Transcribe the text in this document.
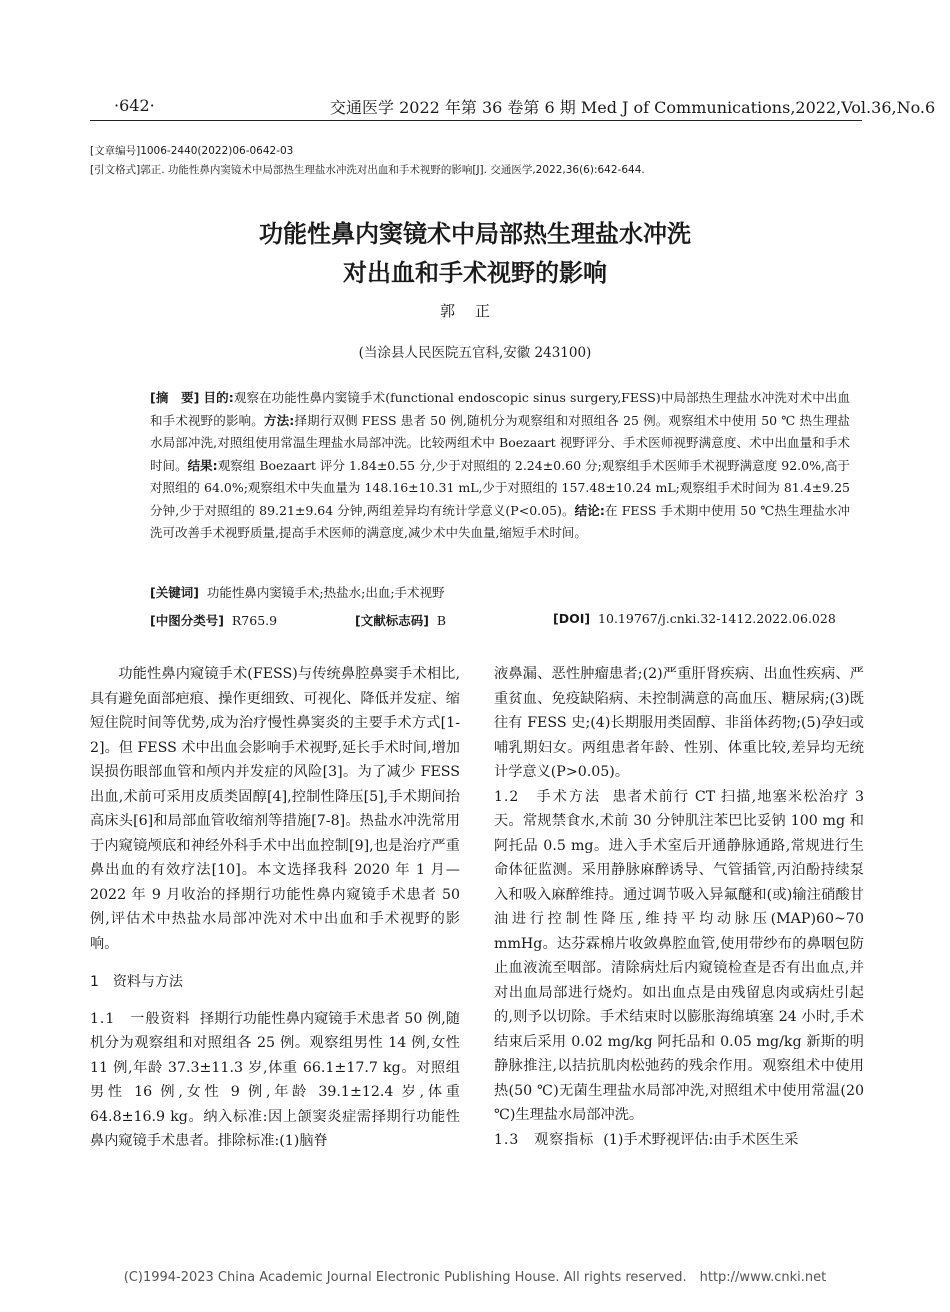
·642·	交通医学 2022 年第 36 卷第 6 期 Med J of Communications,2022,Vol.36,No.6
[文章编号]1006-2440(2022)06-0642-03
[引文格式]郭正. 功能性鼻内窦镜术中局部热生理盐水冲洗对出血和手术视野的影响[J]. 交通医学,2022,36(6):642-644.
功能性鼻内窦镜术中局部热生理盐水冲洗
对出血和手术视野的影响
郭正
(当涂县人民医院五官科,安徽 243100)
[摘　要] 目的:观察在功能性鼻内窦镜手术(functional endoscopic sinus surgery,FESS)中局部热生理盐水冲洗对术中出血和手术视野的影响。方法:择期行双侧 FESS 患者 50 例,随机分为观察组和对照组各 25 例。观察组术中使用 50 ℃ 热生理盐水局部冲洗,对照组使用常温生理盐水局部冲洗。比较两组术中 Boezaart 视野评分、手术医师视野满意度、术中出血量和手术时间。结果:观察组 Boezaart 评分 1.84±0.55 分,少于对照组的 2.24±0.60 分;观察组手术医师手术视野满意度 92.0%,高于对照组的 64.0%;观察组术中失血量为 148.16±10.31 mL,少于对照组的 157.48±10.24 mL;观察组手术时间为 81.4±9.25 分钟,少于对照组的 89.21±9.64 分钟,两组差异均有统计学意义(P<0.05)。结论:在 FESS 手术期中使用 50 ℃热生理盐水冲洗可改善手术视野质量,提高手术医师的满意度,减少术中失血量,缩短手术时间。
[关键词] 功能性鼻内窦镜手术;热盐水;出血;手术视野
[中图分类号] R765.9	[文献标志码] B	[DOI] 10.19767/j.cnki.32-1412.2022.06.028

功能性鼻内窥镜手术(FESS)与传统鼻腔鼻窦手术相比,具有避免面部疤痕、操作更细致、可视化、降低并发症、缩短住院时间等优势,成为治疗慢性鼻窦炎的主要手术方式[1-2]。但 FESS 术中出血会影响手术视野,延长手术时间,增加误损伤眼部血管和颅内并发症的风险[3]。为了减少 FESS 出血,术前可采用皮质类固醇[4],控制性降压[5],手术期间抬高床头[6]和局部血管收缩剂等措施[7-8]。热盐水冲洗常用于内窥镜颅底和神经外科手术中出血控制[9],也是治疗严重鼻出血的有效疗法[10]。本文选择我科 2020 年 1 月—2022 年 9 月收治的择期行功能性鼻内窥镜手术患者 50 例,评估术中热盐水局部冲洗对术中出血和手术视野的影响。

1　资料与方法

1.1　一般资料 择期行功能性鼻内窥镜手术患者 50 例,随机分为观察组和对照组各 25 例。观察组男性 14 例,女性 11 例,年龄 37.3±11.3 岁,体重 66.1±17.7 kg。对照组男性 16 例,女性 9 例,年龄 39.1±12.4 岁,体重 64.8±16.9 kg。纳入标准:因上颌窦炎症需择期行功能性鼻内窥镜手术患者。排除标准:(1)脑脊

液鼻漏、恶性肿瘤患者;(2)严重肝肾疾病、出血性疾病、严重贫血、免疫缺陷病、未控制满意的高血压、糖尿病;(3)既往有 FESS 史;(4)长期服用类固醇、非甾体药物;(5)孕妇或哺乳期妇女。两组患者年龄、性别、体重比较,差异均无统计学意义(P>0.05)。

1.2　手术方法 患者术前行 CT 扫描,地塞米松治疗 3 天。常规禁食水,术前 30 分钟肌注苯巴比妥钠 100 mg 和阿托品 0.5 mg。进入手术室后开通静脉通路,常规进行生命体征监测。采用静脉麻醉诱导、气管插管,丙泊酚持续泵入和吸入麻醉维持。通过调节吸入异氟醚和(或)输注硝酸甘油进行控制性降压,维持平均动脉压(MAP)60~70 mmHg。达芬霖棉片收敛鼻腔血管,使用带纱布的鼻咽包防止血液流至咽部。清除病灶后内窥镜检查是否有出血点,并对出血局部进行烧灼。如出血点是由残留息肉或病灶引起的,则予以切除。手术结束时以膨胀海绵填塞 24 小时,手术结束后采用 0.02 mg/kg 阿托品和 0.05 mg/kg 新斯的明静脉推注,以拮抗肌肉松弛药的残余作用。观察组术中使用热(50 ℃)无菌生理盐水局部冲洗,对照组术中使用常温(20 ℃)生理盐水局部冲洗。

1.3　观察指标 (1)手术野视评估:由手术医生采

(C)1994-2023 China Academic Journal Electronic Publishing House. All rights reserved.　http://www.cnki.net
